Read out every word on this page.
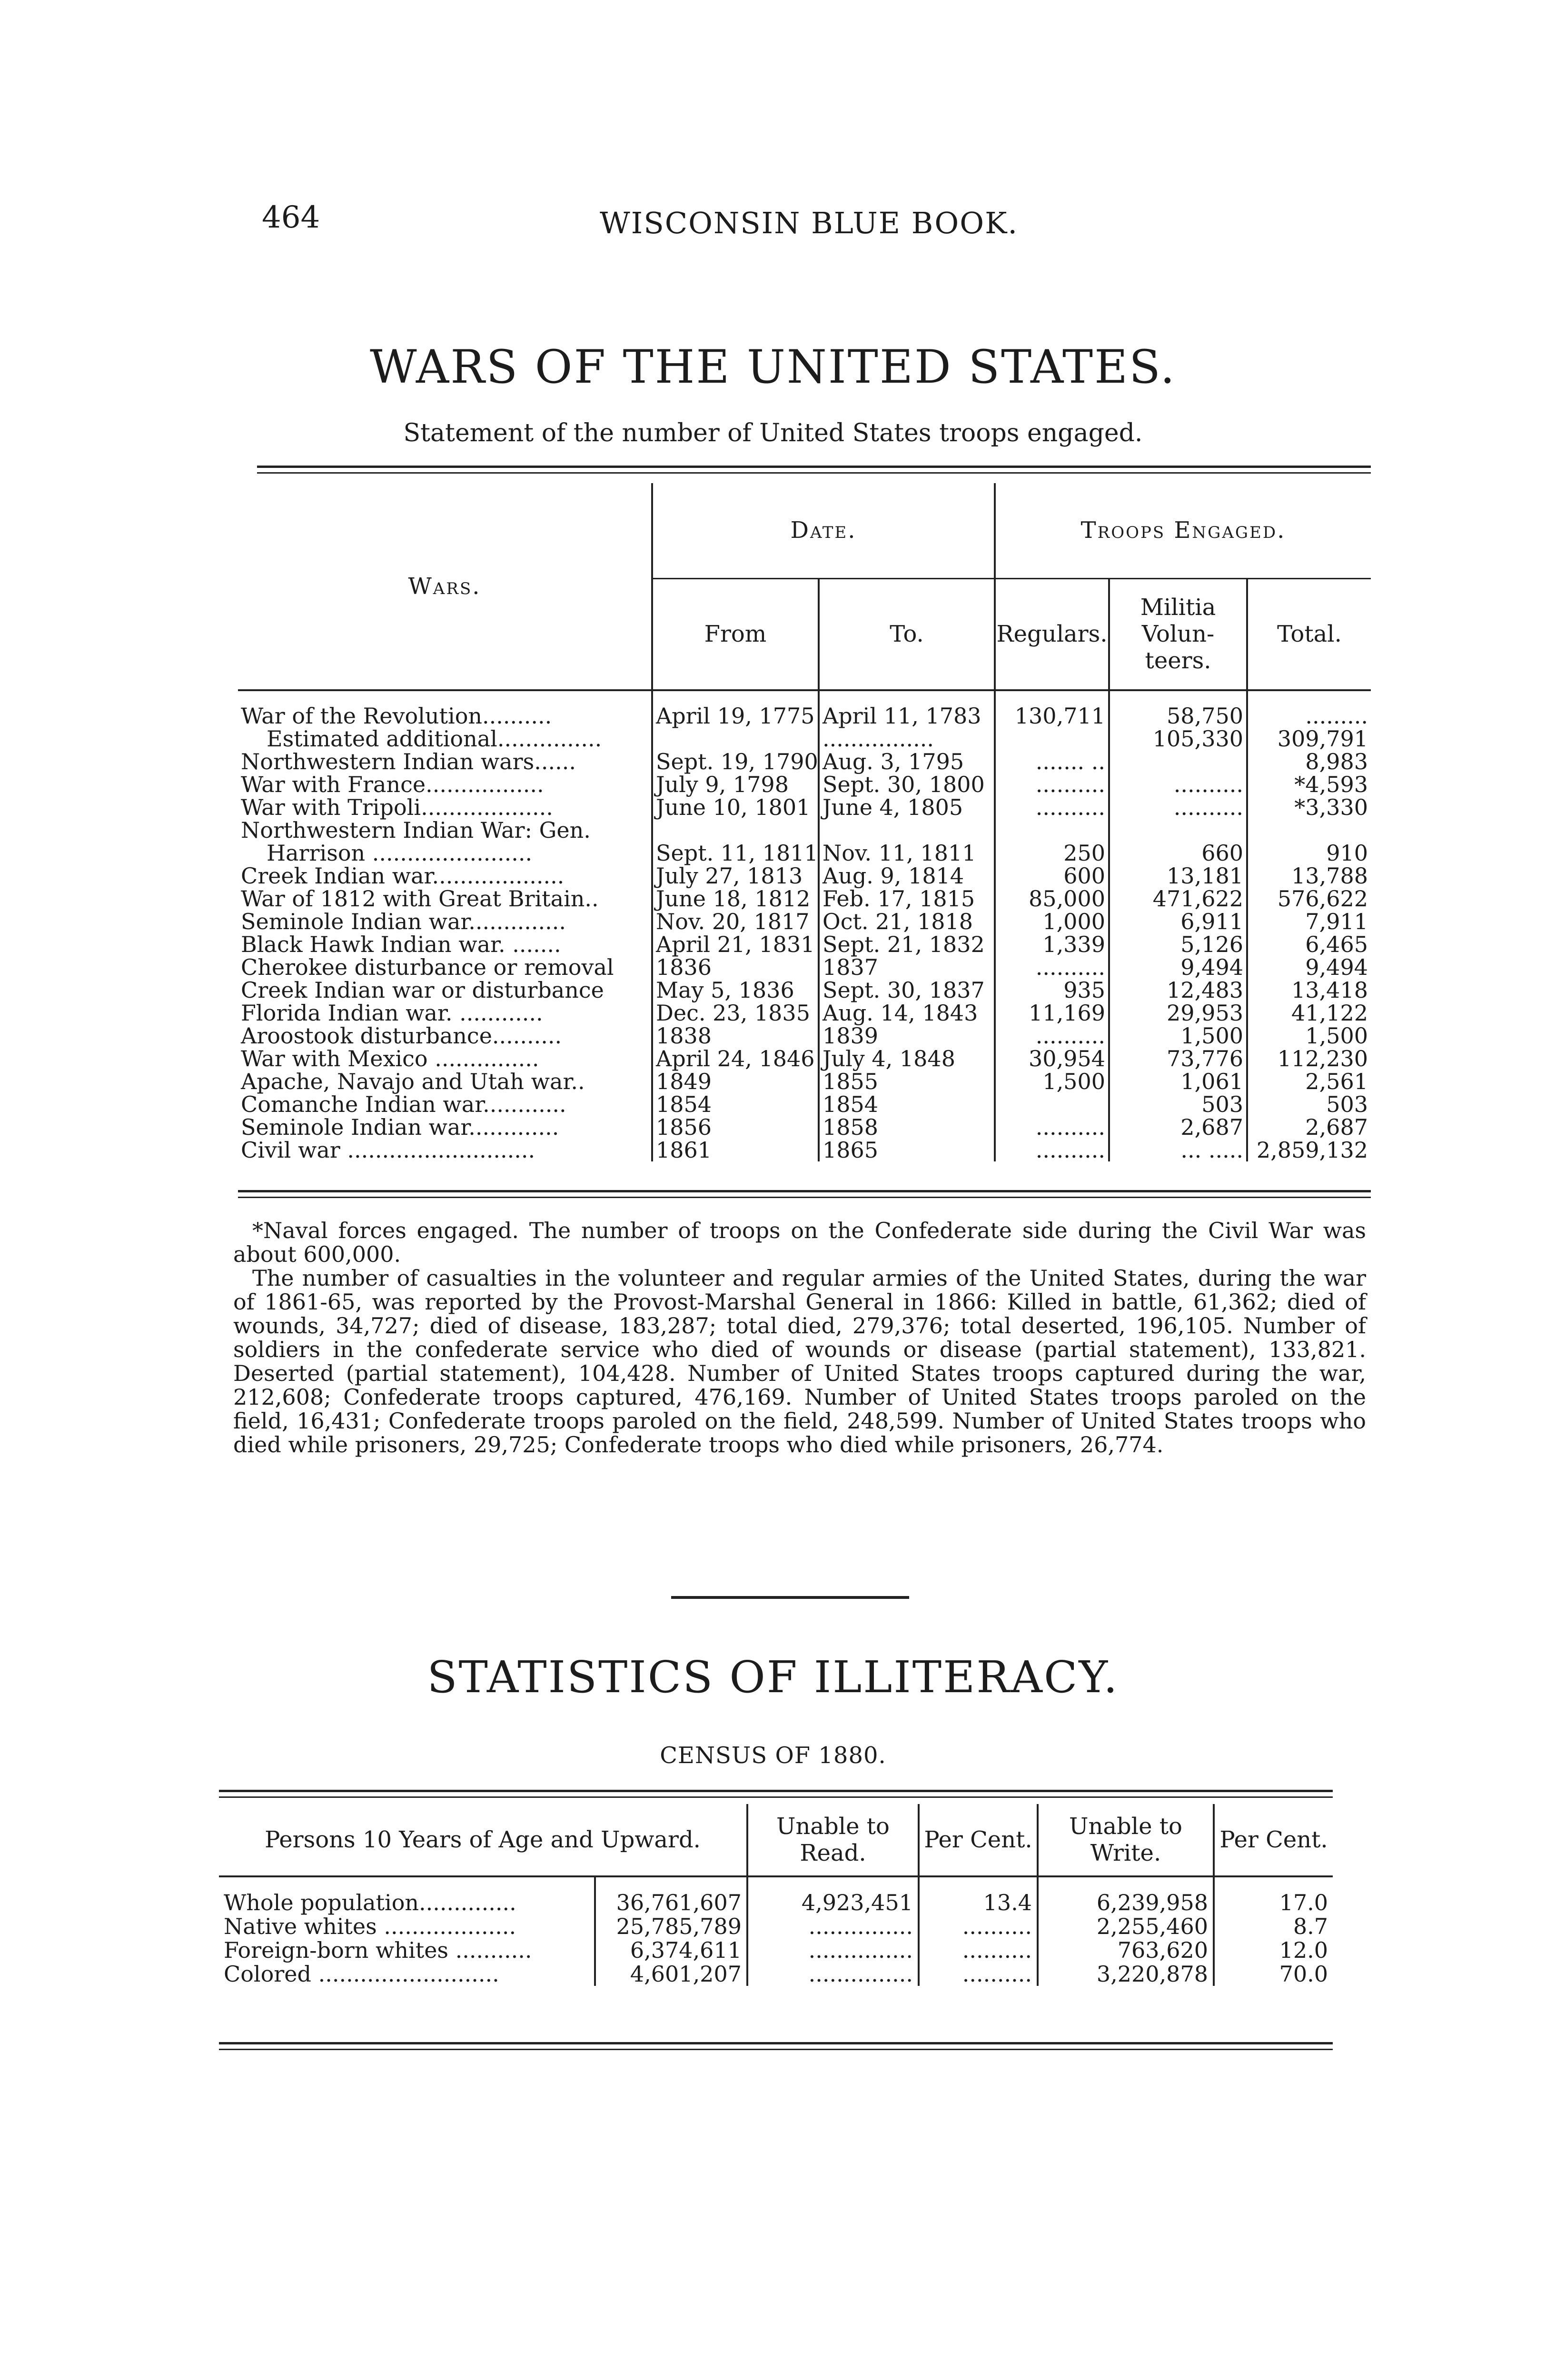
464	WISCONSIN BLUE BOOK.
WARS OF THE UNITED STATES.
Statement of the number of United States troops engaged.
Wars.	Date.		Troops Engaged.		
	From	To.	Regulars.	Militia Volun- teers.	Total.
War of the Revolution..........	April 19, 1775	April 11, 1783	130,711	58,750	.........
Estimated additional...............		................		105,330	309,791
Northwestern Indian wars......	Sept. 19, 1790	Aug. 3, 1795	....... ..		8,983
War with France.................	July 9, 1798	Sept. 30, 1800	..........	..........	*4,593
War with Tripoli...................	June 10, 1801	June 4, 1805	..........	..........	*3,330
Northwestern Indian War: Gen.					
Harrison .......................	Sept. 11, 1811	Nov. 11, 1811	250	660	910
Creek Indian war...................	July 27, 1813	Aug. 9, 1814	600	13,181	13,788
War of 1812 with Great Britain..	June 18, 1812	Feb. 17, 1815	85,000	471,622	576,622
Seminole Indian war..............	Nov. 20, 1817	Oct. 21, 1818	1,000	6,911	7,911
Black Hawk Indian war. .......	April 21, 1831	Sept. 21, 1832	1,339	5,126	6,465
Cherokee disturbance or removal	1836	1837	..........	9,494	9,494
Creek Indian war or disturbance	May 5, 1836	Sept. 30, 1837	935	12,483	13,418
Florida Indian war. ............	Dec. 23, 1835	Aug. 14, 1843	11,169	29,953	41,122
Aroostook disturbance..........	1838	1839	..........	1,500	1,500
War with Mexico ...............	April 24, 1846	July 4, 1848	30,954	73,776	112,230
Apache, Navajo and Utah war..	1849	1855	1,500	1,061	2,561
Comanche Indian war............	1854	1854		503	503
Seminole Indian war.............	1856	1858	..........	2,687	2,687
Civil war ...........................	1861	1865	..........	... .....	2,859,132

*Naval forces engaged. The number of troops on the Confederate side during the Civil War was about 600,000.

The number of casualties in the volunteer and regular armies of the United States, during the war of 1861-65, was reported by the Provost-Marshal General in 1866: Killed in battle, 61,362; died of wounds, 34,727; died of disease, 183,287; total died, 279,376; total deserted, 196,105. Number of soldiers in the confederate service who died of wounds or disease (partial statement), 133,821. Deserted (partial statement), 104,428. Number of United States troops captured during the war, 212,608; Confederate troops captured, 476,169. Number of United States troops paroled on the field, 16,431; Confederate troops paroled on the field, 248,599. Number of United States troops who died while prisoners, 29,725; Confederate troops who died while prisoners, 26,774.

STATISTICS OF ILLITERACY.
CENSUS OF 1880.
Persons 10 Years of Age and Upward.		Unable to Read.	Per Cent.	Unable to Write.	Per Cent.
Whole population..............	36,761,607	4,923,451	13.4	6,239,958	17.0
Native whites ...................	25,785,789	...............	..........	2,255,460	8.7
Foreign-born whites ...........	6,374,611	...............	..........	763,620	12.0
Colored ..........................	4,601,207	...............	..........	3,220,878	70.0
